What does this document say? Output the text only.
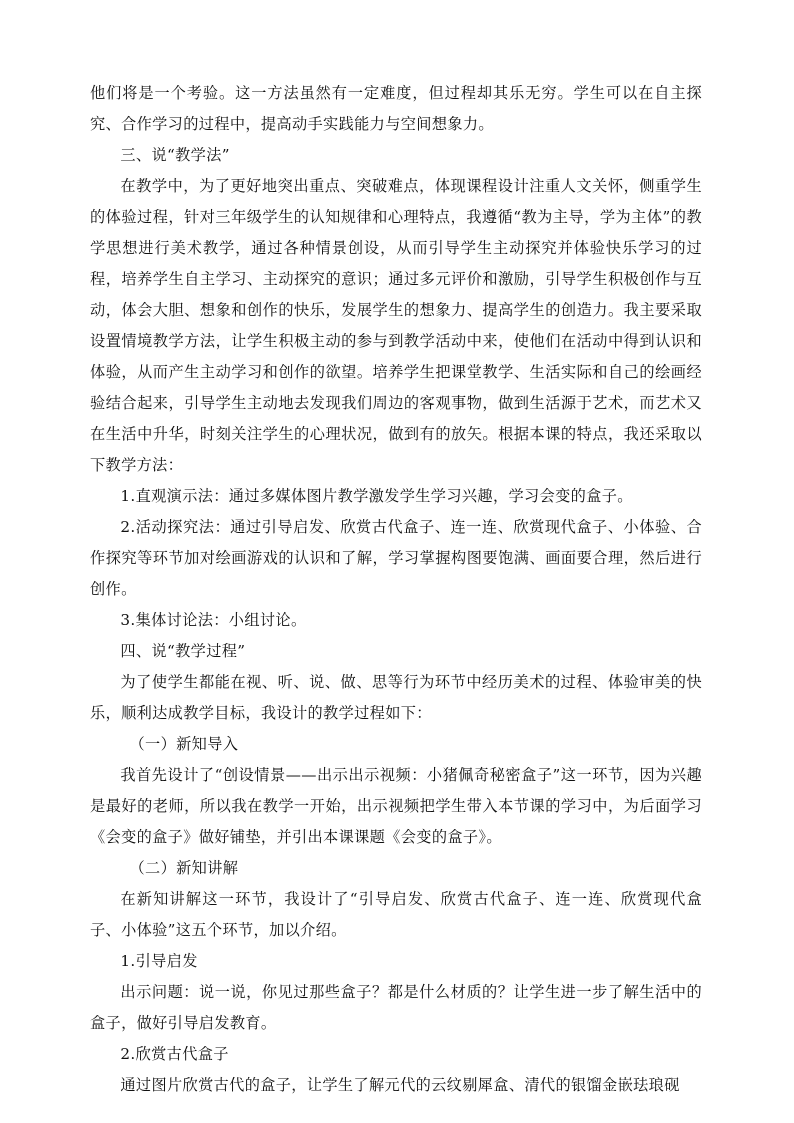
他们将是一个考验。这一方法虽然有一定难度，但过程却其乐无穷。学生可以在自主探究、合作学习的过程中，提高动手实践能力与空间想象力。

三、说“教学法”

在教学中，为了更好地突出重点、突破难点，体现课程设计注重人文关怀，侧重学生的体验过程，针对三年级学生的认知规律和心理特点，我遵循“教为主导，学为主体”的教学思想进行美术教学，通过各种情景创设，从而引导学生主动探究并体验快乐学习的过程，培养学生自主学习、主动探究的意识；通过多元评价和激励，引导学生积极创作与互动，体会大胆、想象和创作的快乐，发展学生的想象力、提高学生的创造力。我主要采取设置情境教学方法，让学生积极主动的参与到教学活动中来，使他们在活动中得到认识和体验，从而产生主动学习和创作的欲望。培养学生把课堂教学、生活实际和自己的绘画经验结合起来，引导学生主动地去发现我们周边的客观事物，做到生活源于艺术，而艺术又在生活中升华，时刻关注学生的心理状况，做到有的放矢。根据本课的特点，我还采取以下教学方法：

1.直观演示法：通过多媒体图片教学激发学生学习兴趣，学习会变的盒子。

2.活动探究法：通过引导启发、欣赏古代盒子、连一连、欣赏现代盒子、小体验、合作探究等环节加对绘画游戏的认识和了解，学习掌握构图要饱满、画面要合理，然后进行创作。

3.集体讨论法：小组讨论。

四、说“教学过程”

为了使学生都能在视、听、说、做、思等行为环节中经历美术的过程、体验审美的快乐，顺利达成教学目标，我设计的教学过程如下：

（一）新知导入

我首先设计了“创设情景——出示出示视频：小猪佩奇秘密盒子”这一环节，因为兴趣是最好的老师，所以我在教学一开始，出示视频把学生带入本节课的学习中，为后面学习《会变的盒子》做好铺垫，并引出本课课题《会变的盒子》。

（二）新知讲解

在新知讲解这一环节，我设计了“引导启发、欣赏古代盒子、连一连、欣赏现代盒子、小体验”这五个环节，加以介绍。

1.引导启发

出示问题：说一说，你见过那些盒子？都是什么材质的？让学生进一步了解生活中的盒子，做好引导启发教育。

2.欣赏古代盒子

通过图片欣赏古代的盒子，让学生了解元代的云纹剔犀盒、清代的银馏金嵌珐琅砚
